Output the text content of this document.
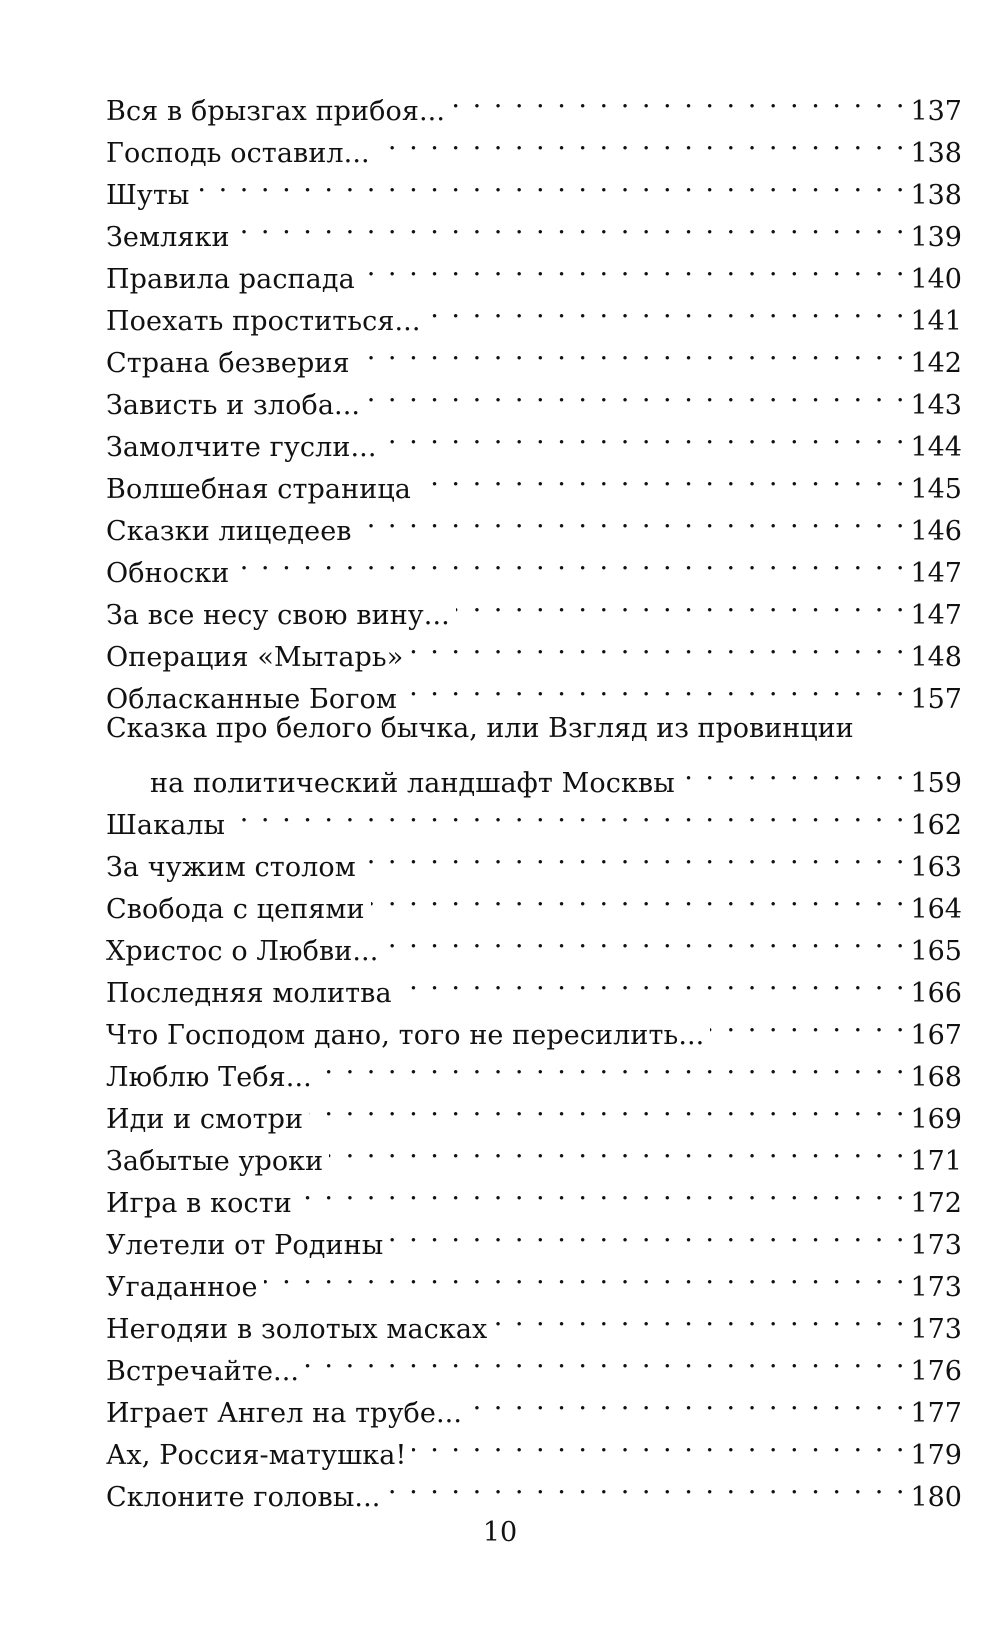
Вся в брызгах прибоя... . . .	137
Господь оставил... . . .	138
Шуты . . .	138
Земляки . . .	139
Правила распада . . .	140
Поехать проститься... . . .	141
Страна безверия . . .	142
Зависть и злоба... . . .	143
Замолчите гусли... . . .	144
Волшебная страница . . .	145
Сказки лицедеев . . .	146
Обноски . . .	147
За все несу свою вину... . . .	147
Операция «Мытарь» . . .	148
Обласканные Богом . . .	157
Сказка про белого бычка, или Взгляд из провинции
на политический ландшафт Москвы . . .	159
Шакалы . . .	162
За чужим столом . . .	163
Свобода с цепями . . .	164
Христос о Любви... . . .	165
Последняя молитва . . .	166
Что Господом дано, того не пересилить... . . .	167
Люблю Тебя... . . .	168
Иди и смотри . . .	169
Забытые уроки . . .	171
Игра в кости . . .	172
Улетели от Родины . . .	173
Угаданное . . .	173
Негодяи в золотых масках . . .	173
Встречайте... . . .	176
Играет Ангел на трубе... . . .	177
Ах, Россия-матушка! . . .	179
Склоните головы... . . .	180
10
